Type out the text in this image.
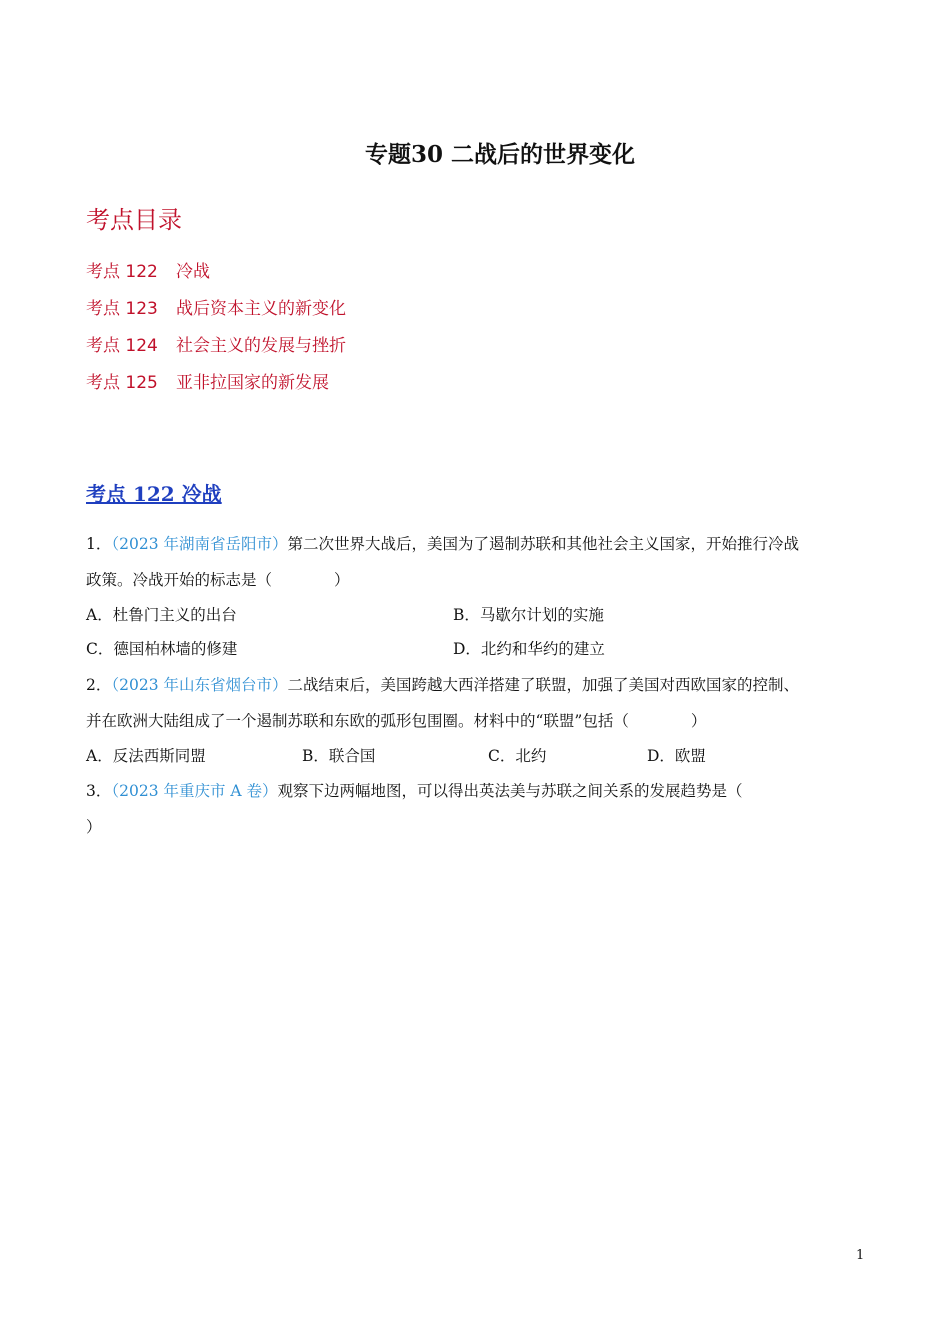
专题30 二战后的世界变化
考点目录
考点 122 冷战
考点 123 战后资本主义的新变化
考点 124 社会主义的发展与挫折
考点 125 亚非拉国家的新发展
考点 122 冷战
1．（2023 年湖南省岳阳市）第二次世界大战后，美国为了遏制苏联和其他社会主义国家，开始推行冷战
政策。冷战开始的标志是（　　　　）
A．杜鲁门主义的出台	B．马歇尔计划的实施
C．德国柏林墙的修建	D．北约和华约的建立
2．（2023 年山东省烟台市）二战结束后，美国跨越大西洋搭建了联盟，加强了美国对西欧国家的控制、
并在欧洲大陆组成了一个遏制苏联和东欧的弧形包围圈。材料中的“联盟”包括（　　　　）
A．反法西斯同盟	B．联合国	C．北约	D．欧盟
3．（2023 年重庆市 A 卷）观察下边两幅地图，可以得出英法美与苏联之间关系的发展趋势是（
）
1
